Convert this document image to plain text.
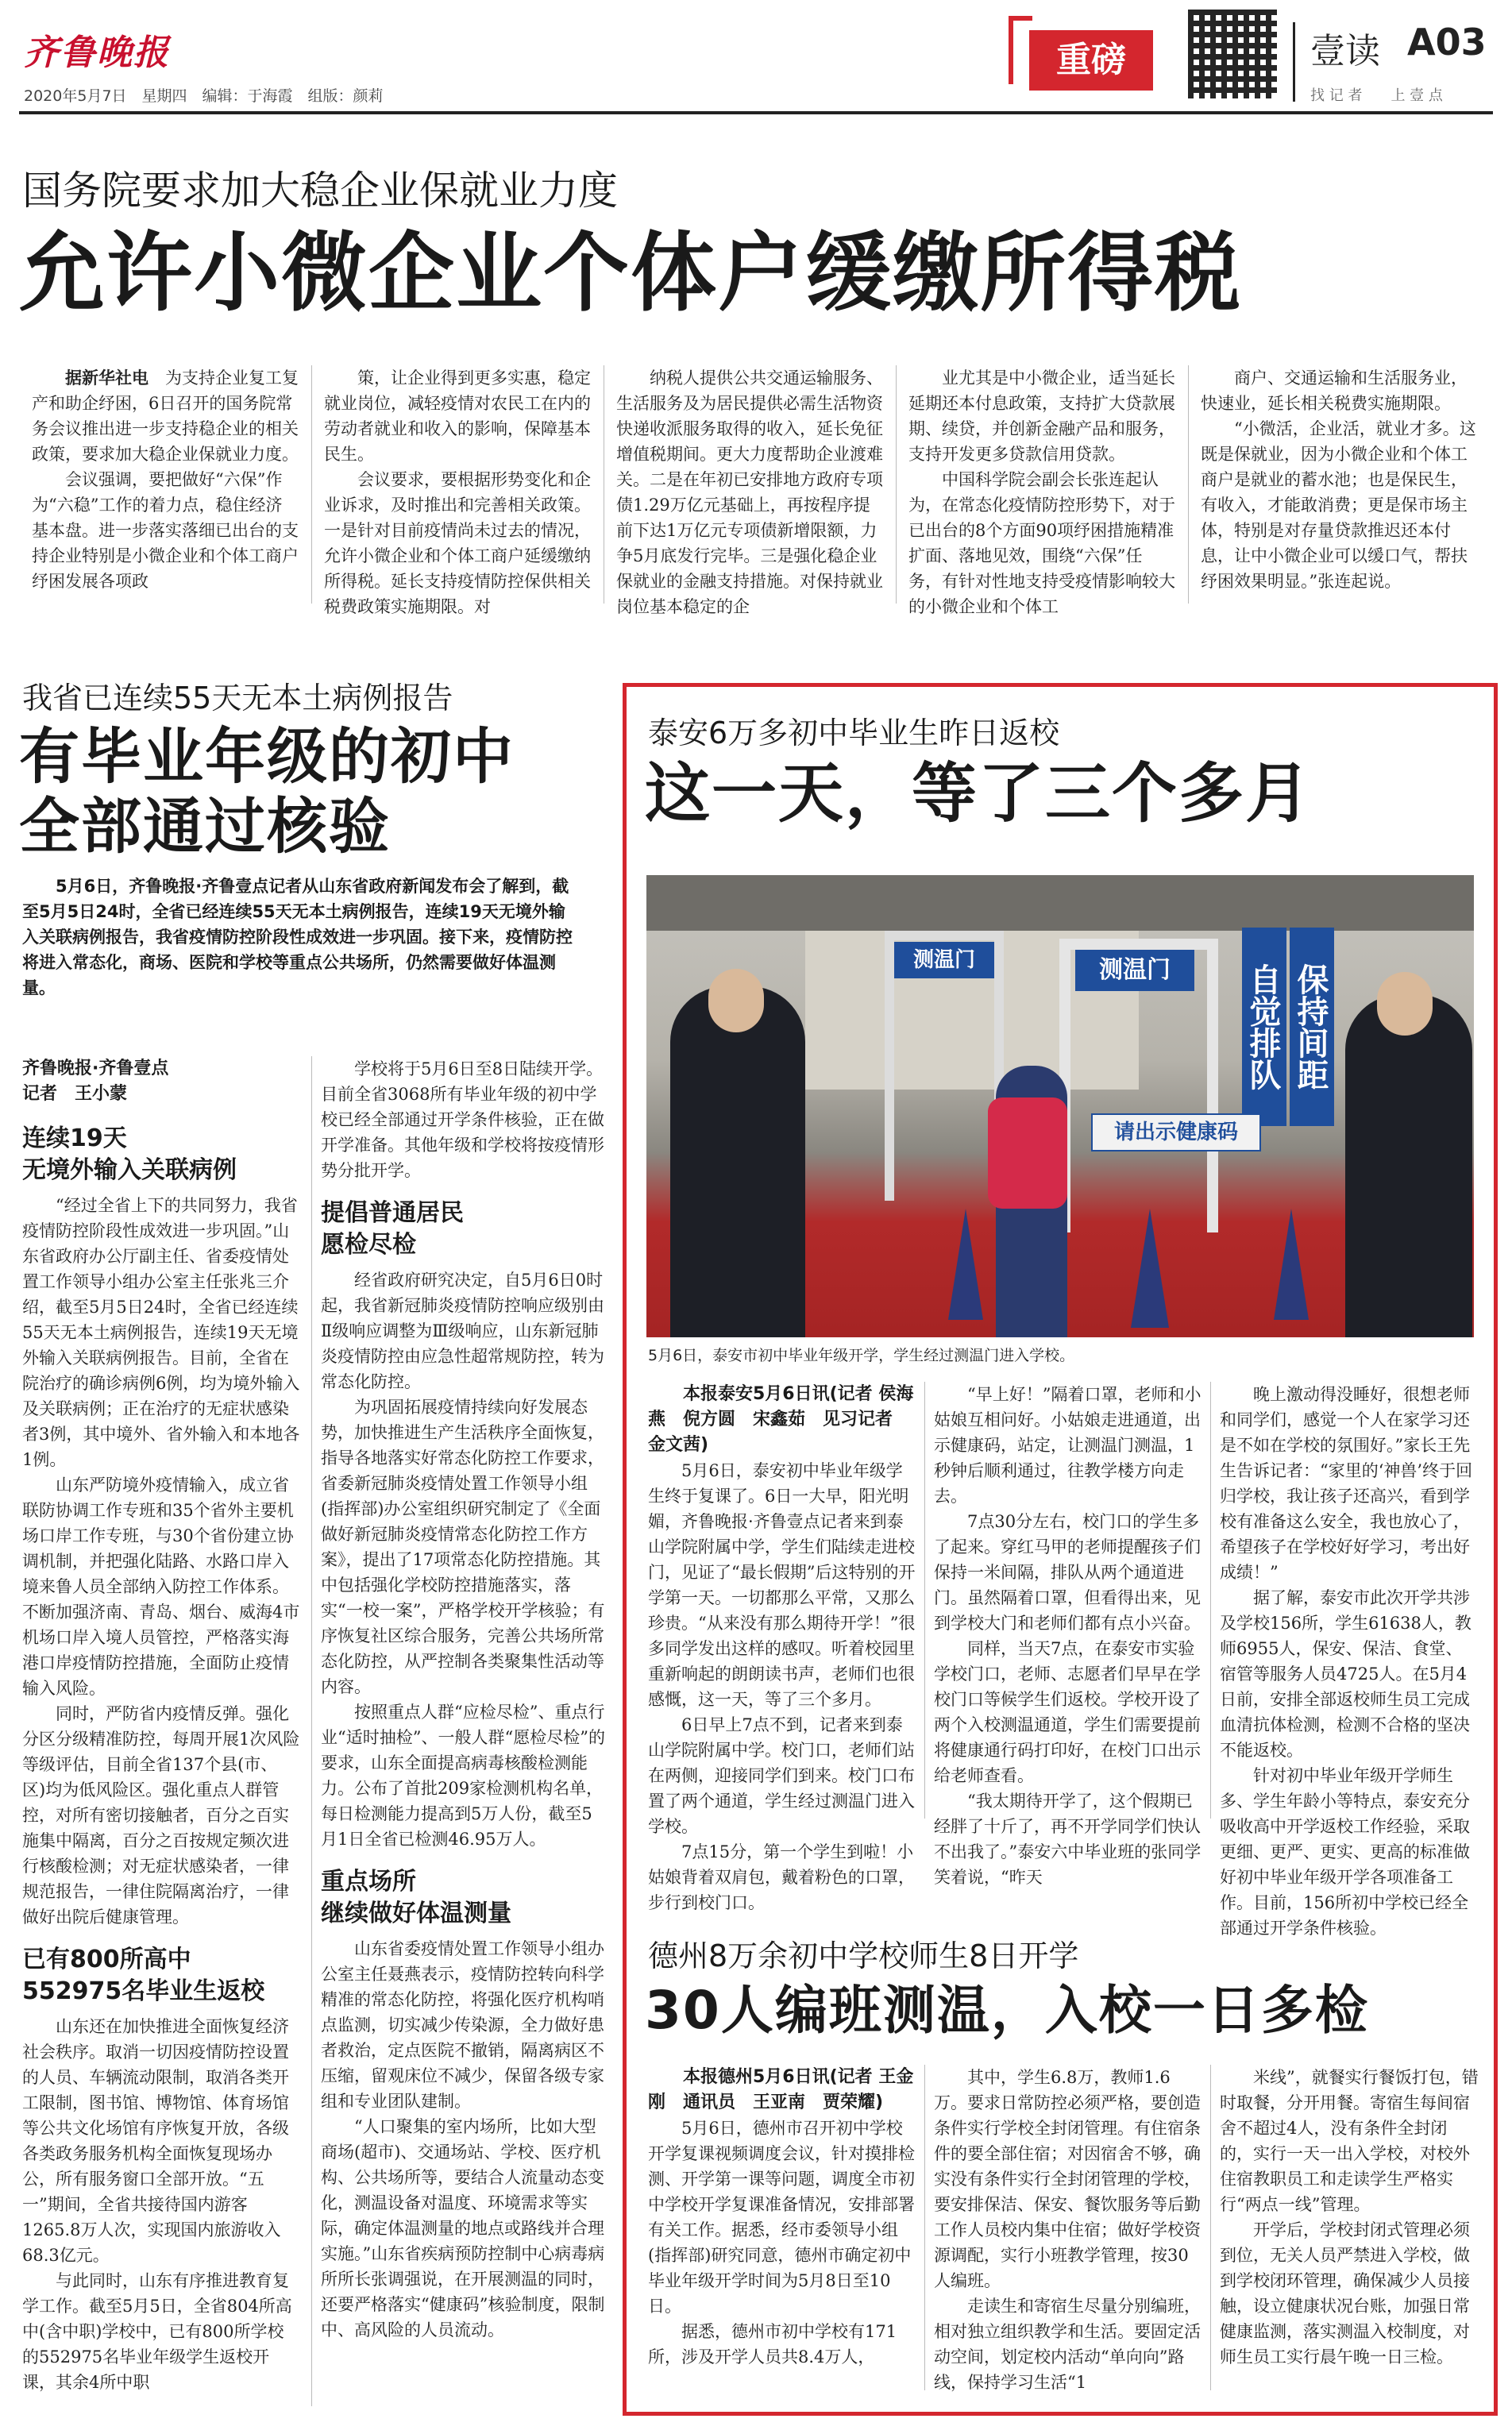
齐鲁晚报
2020年5月7日　星期四　编辑：于海霞　组版：颜莉
重磅	壹读 A03
找 记 者　　上 壹 点
国务院要求加大稳企业保就业力度
允许小微企业个体户缓缴所得税

据新华社电　为支持企业复工复产和助企纾困，6日召开的国务院常务会议推出进一步支持稳企业的相关政策，要求加大稳企业保就业力度。

会议强调，要把做好“六保”作为“六稳”工作的着力点，稳住经济基本盘。进一步落实落细已出台的支持企业特别是小微企业和个体工商户纾困发展各项政

策，让企业得到更多实惠，稳定就业岗位，减轻疫情对农民工在内的劳动者就业和收入的影响，保障基本民生。

会议要求，要根据形势变化和企业诉求，及时推出和完善相关政策。一是针对目前疫情尚未过去的情况，允许小微企业和个体工商户延缓缴纳所得税。延长支持疫情防控保供相关税费政策实施期限。对

纳税人提供公共交通运输服务、生活服务及为居民提供必需生活物资快递收派服务取得的收入，延长免征增值税期间。更大力度帮助企业渡难关。二是在年初已安排地方政府专项债1.29万亿元基础上，再按程序提前下达1万亿元专项债新增限额，力争5月底发行完毕。三是强化稳企业保就业的金融支持措施。对保持就业岗位基本稳定的企

业尤其是中小微企业，适当延长延期还本付息政策，支持扩大贷款展期、续贷，并创新金融产品和服务，支持开发更多贷款信用贷款。

中国科学院会副会长张连起认为，在常态化疫情防控形势下，对于已出台的8个方面90项纾困措施精准扩面、落地见效，围绕“六保”任务，有针对性地支持受疫情影响较大的小微企业和个体工

商户、交通运输和生活服务业，快速业，延长相关税费实施期限。

“小微活，企业活，就业才多。这既是保就业，因为小微企业和个体工商户是就业的蓄水池；也是保民生，有收入，才能敢消费；更是保市场主体，特别是对存量贷款推迟还本付息，让中小微企业可以缓口气，帮扶纾困效果明显。”张连起说。

我省已连续55天无本土病例报告
有毕业年级的初中
全部通过核验
5月6日，齐鲁晚报·齐鲁壹点记者从山东省政府新闻发布会了解到，截至5月5日24时，全省已经连续55天无本土病例报告，连续19天无境外输入关联病例报告，我省疫情防控阶段性成效进一步巩固。接下来，疫情防控将进入常态化，商场、医院和学校等重点公共场所，仍然需要做好体温测量。
齐鲁晚报·齐鲁壹点
记者　王小蒙
连续19天
无境外输入关联病例

“经过全省上下的共同努力，我省疫情防控阶段性成效进一步巩固。”山东省政府办公厅副主任、省委疫情处置工作领导小组办公室主任张兆三介绍，截至5月5日24时，全省已经连续55天无本土病例报告，连续19天无境外输入关联病例报告。目前，全省在院治疗的确诊病例6例，均为境外输入及关联病例；正在治疗的无症状感染者3例，其中境外、省外输入和本地各1例。

山东严防境外疫情输入，成立省联防协调工作专班和35个省外主要机场口岸工作专班，与30个省份建立协调机制，并把强化陆路、水路口岸入境来鲁人员全部纳入防控工作体系。不断加强济南、青岛、烟台、威海4市机场口岸入境人员管控，严格落实海港口岸疫情防控措施，全面防止疫情输入风险。

同时，严防省内疫情反弹。强化分区分级精准防控，每周开展1次风险等级评估，目前全省137个县(市、区)均为低风险区。强化重点人群管控，对所有密切接触者，百分之百实施集中隔离，百分之百按规定频次进行核酸检测；对无症状感染者，一律规范报告，一律住院隔离治疗，一律做好出院后健康管理。

已有800所高中
552975名毕业生返校

山东还在加快推进全面恢复经济社会秩序。取消一切因疫情防控设置的人员、车辆流动限制，取消各类开工限制，图书馆、博物馆、体育场馆等公共文化场馆有序恢复开放，各级各类政务服务机构全面恢复现场办公，所有服务窗口全部开放。“五一”期间，全省共接待国内游客1265.8万人次，实现国内旅游收入68.3亿元。

与此同时，山东有序推进教育复学工作。截至5月5日，全省804所高中(含中职)学校中，已有800所学校的552975名毕业年级学生返校开课，其余4所中职

学校将于5月6日至8日陆续开学。目前全省3068所有毕业年级的初中学校已经全部通过开学条件核验，正在做开学准备。其他年级和学校将按疫情形势分批开学。

提倡普通居民
愿检尽检

经省政府研究决定，自5月6日0时起，我省新冠肺炎疫情防控响应级别由Ⅱ级响应调整为Ⅲ级响应，山东新冠肺炎疫情防控由应急性超常规防控，转为常态化防控。

为巩固拓展疫情持续向好发展态势，加快推进生产生活秩序全面恢复，指导各地落实好常态化防控工作要求，省委新冠肺炎疫情处置工作领导小组(指挥部)办公室组织研究制定了《全面做好新冠肺炎疫情常态化防控工作方案》，提出了17项常态化防控措施。其中包括强化学校防控措施落实，落实“一校一案”，严格学校开学核验；有序恢复社区综合服务，完善公共场所常态化防控，从严控制各类聚集性活动等内容。

按照重点人群“应检尽检”、重点行业“适时抽检”、一般人群“愿检尽检”的要求，山东全面提高病毒核酸检测能力。公布了首批209家检测机构名单，每日检测能力提高到5万人份，截至5月1日全省已检测46.95万人。

重点场所
继续做好体温测量

山东省委疫情处置工作领导小组办公室主任聂燕表示，疫情防控转向科学精准的常态化防控，将强化医疗机构哨点监测，切实减少传染源，全力做好患者救治，定点医院不撤销，隔离病区不压缩，留观床位不减少，保留各级专家组和专业团队建制。

“人口聚集的室内场所，比如大型商场(超市)、交通场站、学校、医疗机构、公共场所等，要结合人流量动态变化，测温设备对温度、环境需求等实际，确定体温测量的地点或路线并合理实施。”山东省疾病预防控制中心病毒病所所长张调强说，在开展测温的同时，还要严格落实“健康码”核验制度，限制中、高风险的人员流动。

泰安6万多初中毕业生昨日返校
这一天，等了三个多月
测温门
测温门
自觉排队 保持间距
请出示健康码
5月6日，泰安市初中毕业年级开学，学生经过测温门进入学校。
本报泰安5月6日讯(记者 侯海燕　倪方圆　宋鑫茹　见习记者　金文茜)

5月6日，泰安初中毕业年级学生终于复课了。6日一大早，阳光明媚，齐鲁晚报·齐鲁壹点记者来到泰山学院附属中学，学生们陆续走进校门，见证了“最长假期”后这特别的开学第一天。一切都那么平常，又那么珍贵。“从来没有那么期待开学！”很多同学发出这样的感叹。听着校园里重新响起的朗朗读书声，老师们也很感慨，这一天，等了三个多月。

6日早上7点不到，记者来到泰山学院附属中学。校门口，老师们站在两侧，迎接同学们到来。校门口布置了两个通道，学生经过测温门进入学校。

7点15分，第一个学生到啦！小姑娘背着双肩包，戴着粉色的口罩，步行到校门口。

“早上好！”隔着口罩，老师和小姑娘互相问好。小姑娘走进通道，出示健康码，站定，让测温门测温，1秒钟后顺利通过，往教学楼方向走去。

7点30分左右，校门口的学生多了起来。穿红马甲的老师提醒孩子们保持一米间隔，排队从两个通道进门。虽然隔着口罩，但看得出来，见到学校大门和老师们都有点小兴奋。

同样，当天7点，在泰安市实验学校门口，老师、志愿者们早早在学校门口等候学生们返校。学校开设了两个入校测温通道，学生们需要提前将健康通行码打印好，在校门口出示给老师查看。

“我太期待开学了，这个假期已经胖了十斤了，再不开学同学们快认不出我了。”泰安六中毕业班的张同学笑着说，“昨天

晚上激动得没睡好，很想老师和同学们，感觉一个人在家学习还是不如在学校的氛围好。”家长王先生告诉记者：“家里的‘神兽’终于回归学校，我让孩子还高兴，看到学校有准备这么安全，我也放心了，希望孩子在学校好好学习，考出好成绩！”

据了解，泰安市此次开学共涉及学校156所，学生61638人，教师6955人，保安、保洁、食堂、宿管等服务人员4725人。在5月4日前，安排全部返校师生员工完成血清抗体检测，检测不合格的坚决不能返校。

针对初中毕业年级开学师生多、学生年龄小等特点，泰安充分吸收高中开学返校工作经验，采取更细、更严、更实、更高的标准做好初中毕业年级开学各项准备工作。目前，156所初中学校已经全部通过开学条件核验。

德州8万余初中学校师生8日开学
30人编班测温，入校一日多检
本报德州5月6日讯(记者 王金刚　通讯员　王亚南　贾荣耀)

5月6日，德州市召开初中学校开学复课视频调度会议，针对摸排检测、开学第一课等问题，调度全市初中学校开学复课准备情况，安排部署有关工作。据悉，经市委领导小组(指挥部)研究同意，德州市确定初中毕业年级开学时间为5月8日至10日。

据悉，德州市初中学校有171所，涉及开学人员共8.4万人，

其中，学生6.8万，教师1.6万。要求日常防控必须严格，要创造条件实行学校全封闭管理。有住宿条件的要全部住宿；对因宿舍不够，确实没有条件实行全封闭管理的学校，要安排保洁、保安、餐饮服务等后勤工作人员校内集中住宿；做好学校资源调配，实行小班教学管理，按30人编班。

走读生和寄宿生尽量分别编班，相对独立组织教学和生活。要固定活动空间，划定校内活动“单向向”路线，保持学习生活“1

米线”，就餐实行餐饭打包，错时取餐，分开用餐。寄宿生每间宿舍不超过4人，没有条件全封闭的，实行一天一出入学校，对校外住宿教职员工和走读学生严格实行“两点一线”管理。

开学后，学校封闭式管理必须到位，无关人员严禁进入学校，做到学校闭环管理，确保减少人员接触，设立健康状况台账，加强日常健康监测，落实测温入校制度，对师生员工实行晨午晚一日三检。
